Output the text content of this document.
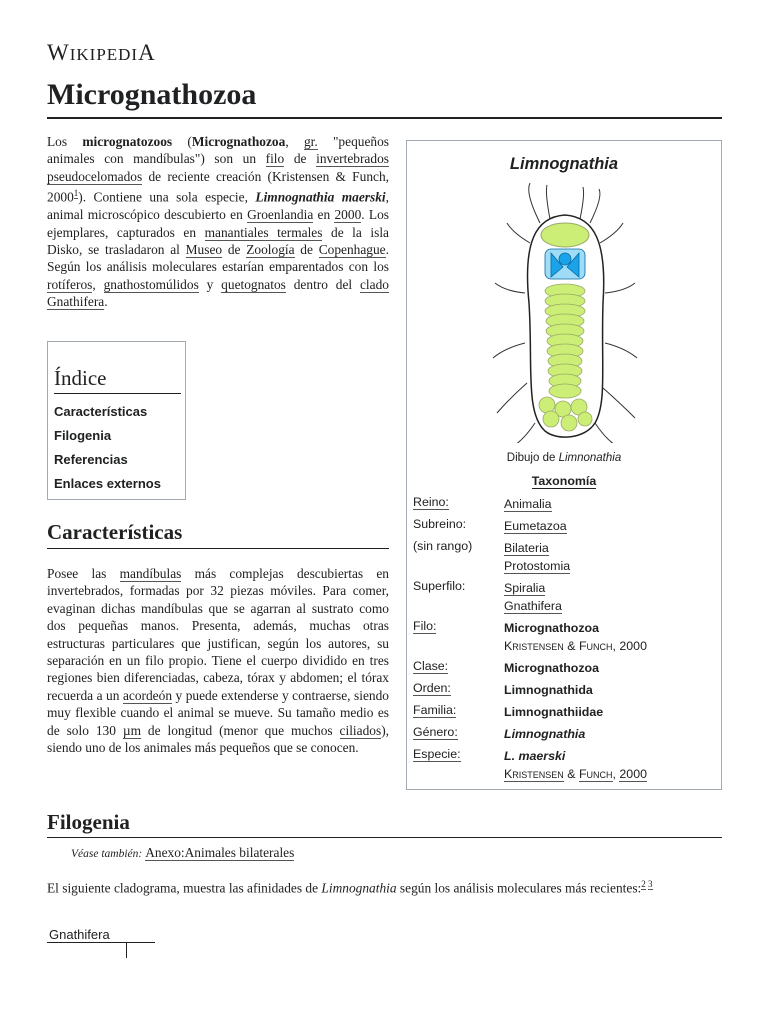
WIKIPEDIA
Micrognathozoa

Los micrognatozoos (Micrognathozoa, gr. "pequeños animales con mandíbulas") son un filo de invertebrados pseudocelomados de reciente creación (Kristensen & Funch, 2000$^1$). Contiene una sola especie, Limnognathia maerski, animal microscópico descubierto en Groenlandia en 2000. Los ejemplares, capturados en manantiales termales de la isla Disko, se trasladaron al Museo de Zoología de Copenhague. Según los análisis moleculares estarían emparentados con los rotíferos, gnathostomúlidos y quetognatos dentro del clado Gnathifera.

Índice
Características
Filogenia
Referencias
Enlaces externos
Características

Posee las mandíbulas más complejas descubiertas en invertebrados, formadas por 32 piezas móviles. Para comer, evaginan dichas mandíbulas que se agarran al sustrato como dos pequeñas manos. Presenta, además, muchas otras estructuras particulares que justifican, según los autores, su separación en un filo propio. Tiene el cuerpo dividido en tres regiones bien diferenciadas, cabeza, tórax y abdomen; el tórax recuerda a un acordeón y puede extenderse y contraerse, siendo muy flexible cuando el animal se mueve. Su tamaño medio es de solo 130 µm de longitud (menor que muchos ciliados), siendo uno de los animales más pequeños que se conocen.

Limnognathia
Dibujo de Limnonathia
Taxonomía
Reino:	Animalia
Subreino:	Eumetazoa
(sin rango)	Bilateria
Protostomia
Superfilo:	Spiralia
Gnathifera
Filo:	Micrognathozoa
Kristensen & Funch, 2000
Clase:	Micrognathozoa
Orden:	Limnognathida
Familia:	Limnognathiidae
Género:	Limnognathia
Especie:	L. maerski
Kristensen & Funch, 2000
Filogenia
Véase también: Anexo:Animales bilaterales

El siguiente cladograma, muestra las afinidades de Limnognathia según los análisis moleculares más recientes:$^{2 3}$

Gnathifera
